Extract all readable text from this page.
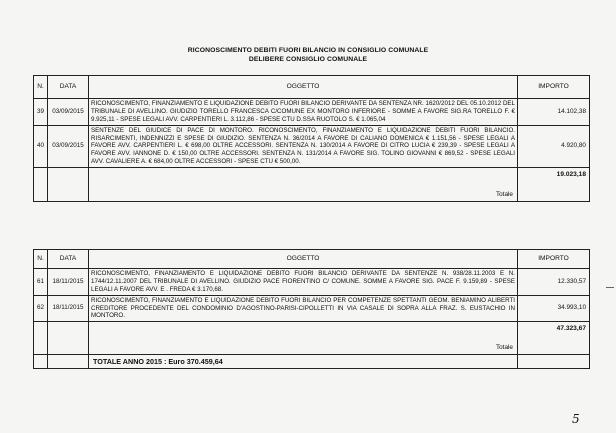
RICONOSCIMENTO DEBITI FUORI BILANCIO IN CONSIGLIO COMUNALE
DELIBERE CONSIGLIO COMUNALE
N.	DATA	OGGETTO	IMPORTO
39	03/09/2015	RICONOSCIMENTO, FINANZIAMENTO E LIQUIDAZIONE DEBITO FUORI BILANCIO DERIVANTE DA SENTENZA NR. 1620/2012 DEL 05.10.2012 DEL TRIBUNALE DI AVELLINO. GIUDIZIO TORELLO FRANCESCA C/COMUNE EX MONTORO INFERIORE - SOMME A FAVORE SIG.RA TORELLO F. € 9.925,11 - SPESE LEGALI AVV. CARPENTIERI L. 3.112,86 - SPESE CTU D.SSA RUOTOLO S. € 1.065,04	14.102,38
40	03/09/2015	SENTENZE DEL GIUDICE DI PACE DI MONTORO. RICONOSCIMENTO, FINANZIAMENTO E LIQUIDAZIONE DEBITI FUORI BILANCIO. RISARCIMENTI, INDENNIZZI E SPESE DI GIUDIZIO. SENTENZA N. 36/2014 A FAVORE DI CALIANO DOMENICA € 1.151,56 - SPESE LEGALI A FAVORE AVV. CARPENTIERI L. € 698,00 OLTRE ACCESSORI. SENTENZA N. 130/2014 A FAVORE DI CITRO LUCIA € 239,39 - SPESE LEGALI A FAVORE AVV. IANNONE D. € 150,00 OLTRE ACCESSORI. SENTENZA N. 131/2014 A FAVORE SIG. TOLINO GIOVANNI € 869,52 - SPESE LEGALI AVV. CAVALIERE A. € 684,00 OLTRE ACCESSORI - SPESE CTU € 500,00.	4.920,80
		Totale	19.023,18
N.	DATA	OGGETTO	IMPORTO
61	18/11/2015	RICONOSCIMENTO, FINANZIAMENTO E LIQUIDAZIONE DEBITO FUORI BILANCIO DERIVANTE DA SENTENZE N. 938/28.11.2003 E N. 1744/12.11.2007 DEL TRIBUNALE DI AVELLINO. GIUDIZIO PACE FIORENTINO C/ COMUNE. SOMME A FAVORE SIG. PACE F. 9.159,89 - SPESE LEGALI A FAVORE AVV. E . FREDA € 3.170,68.	12.330,57
62	18/11/2015	RICONOSCIMENTO, FINANZIAMENTO E LIQUIDAZIONE DEBITO FUORI BILANCIO PER COMPETENZE SPETTANTI GEOM. BENIAMINO ALIBERTI CREDITORE PROCEDENTE DEL CONDOMINIO D'AGOSTINO-PARISI-CIPOLLETTI IN VIA CASALE DI SOPRA ALLA FRAZ. S. EUSTACHIO IN MONTORO.	34.993,10
		Totale	47.323,67
		TOTALE ANNO 2015 : Euro 370.459,64	
5
